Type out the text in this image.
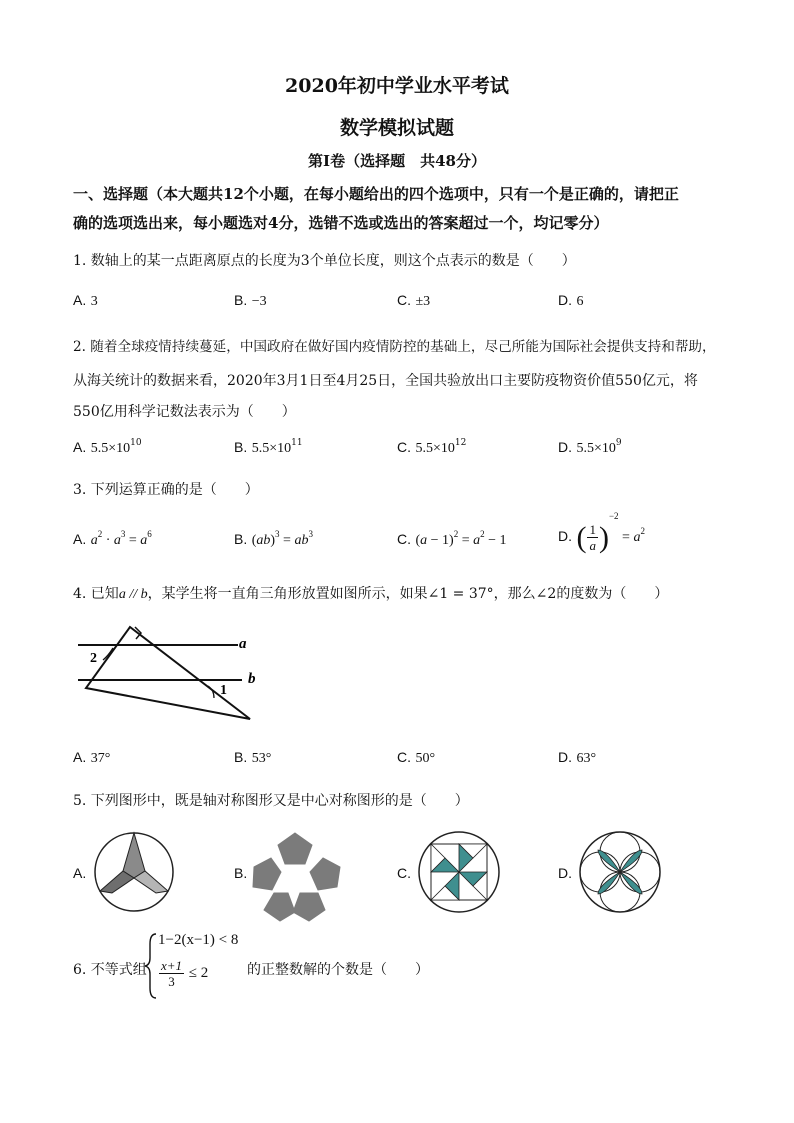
2020年初中学业水平考试
数学模拟试题
第Ⅰ卷（选择题　共48分）
一、选择题（本大题共12个小题，在每小题给出的四个选项中，只有一个是正确的，请把正
确的选项选出来，每小题选对4分，选错不选或选出的答案超过一个，均记零分）
1. 数轴上的某一点距离原点的长度为3个单位长度，则这个点表示的数是（　　）
A. 3	B. −3	C. ±3	D. 6
2. 随着全球疫情持续蔓延，中国政府在做好国内疫情防控的基础上，尽己所能为国际社会提供支持和帮助，
从海关统计的数据来看，2020年3月1日至4月25日，全国共验放出口主要防疫物资价值550亿元，将
550亿用科学记数法表示为（　　）
A. $5.5\times 10^{10}$	B. $5.5\times 10^{11}$	C. $5.5\times 10^{12}$	D. $5.5\times 10^9$
3. 下列运算正确的是（　　）
A. $a^2 \cdot a^3 = a^6$	B. $(ab)^3 = ab^3$	C. $(a - 1)^2 = a^2 - 1$	D. ( $\frac{1}{a} )^{-2} = a^2$
4. 已知a // b，某学生将一直角三角形放置如图所示，如果∠1 = 37°，那么∠2的度数为（　　）
a
b
1
2
A. 37°	B. 53°	C. 50°	D. 63°
5. 下列图形中，既是轴对称图形又是中心对称图形的是（　　）
A.	B.	C.	D.
6. 不等式组
1−2(x−1) < 8
$\frac{x+1}{3} \le 2$	的正整数解的个数是（　　）
